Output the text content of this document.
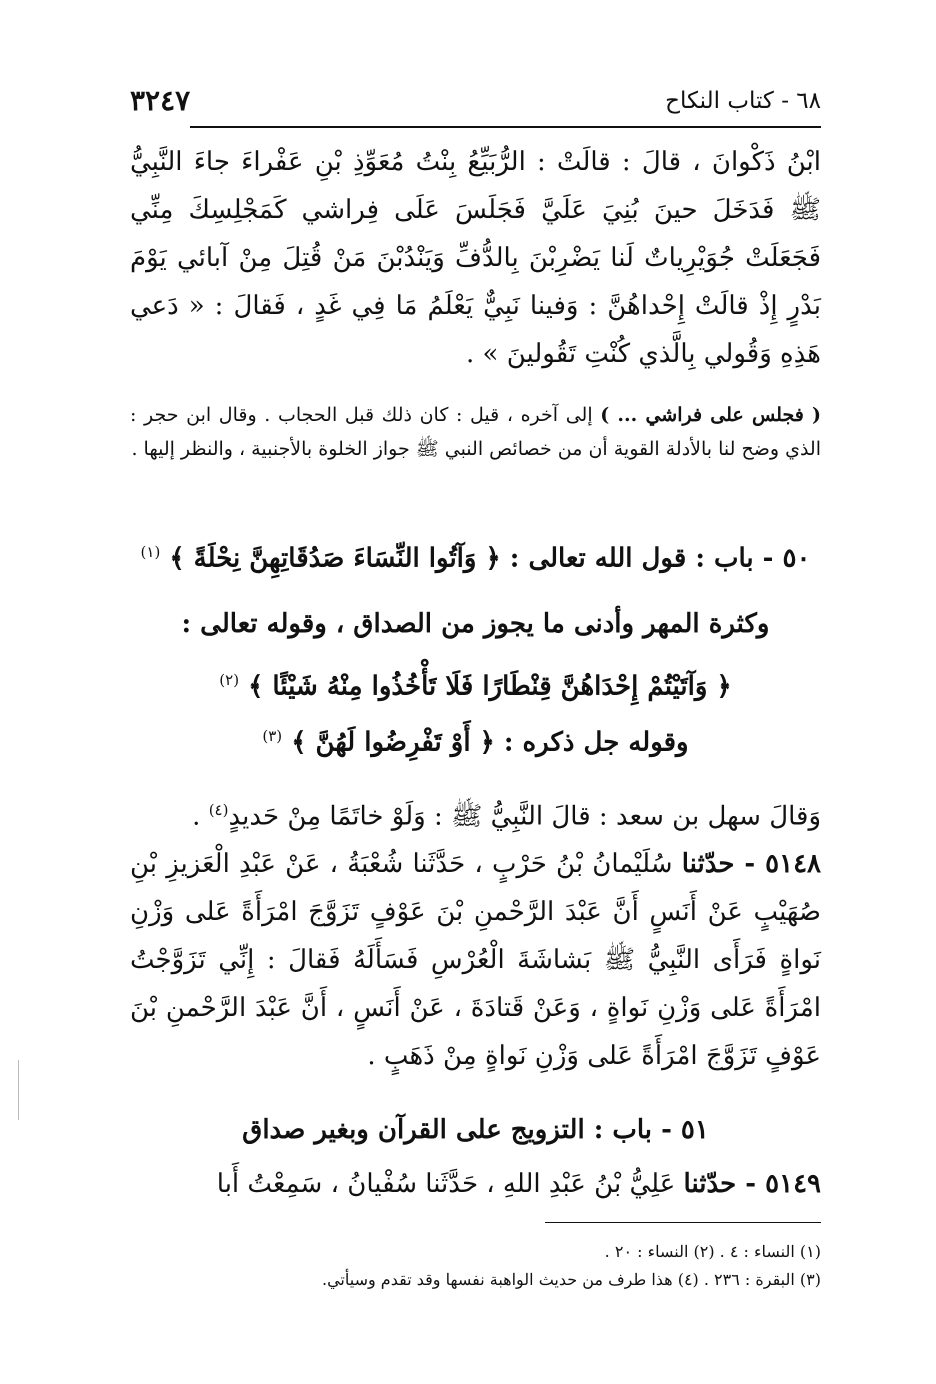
٣٢٤٧	٦٨ - كتاب النكاح
ابْنُ ذَكْوانَ ، قالَ : قالَتْ : الرُّبَيِّعُ بِنْتُ مُعَوِّذِ بْنِ عَفْراءَ جاءَ النَّبِيُّ ﷺ فَدَخَلَ حينَ بُنِيَ عَلَيَّ فَجَلَسَ عَلَى فِراشي كَمَجْلِسِكَ مِنِّي فَجَعَلَتْ جُوَيْرِياتٌ لَنا يَضْرِبْنَ بِالدُّفِّ وَيَنْدُبْنَ مَنْ قُتِلَ مِنْ آبائي يَوْمَ بَدْرٍ إِذْ قالَتْ إِحْداهُنَّ : وَفينا نَبِيٌّ يَعْلَمُ مَا فِي غَدٍ ، فَقالَ : « دَعي هَذِهِ وَقُولي بِالَّذي كُنْتِ تَقُولينَ » .
( فجلس على فراشي ... ) إلى آخره ، قيل : كان ذلك قبل الحجاب . وقال ابن حجر : الذي وضح لنا بالأدلة القوية أن من خصائص النبي ﷺ جواز الخلوة بالأجنبية ، والنظر إليها .
٥٠ - باب : قول الله تعالى : ﴿ وَآتُوا النِّسَاءَ صَدُقَاتِهِنَّ نِحْلَةً ﴾ $^{(١)}$
وكثرة المهر وأدنى ما يجوز من الصداق ، وقوله تعالى :
﴿ وَآتَيْتُمْ إِحْدَاهُنَّ قِنْطَارًا فَلَا تَأْخُذُوا مِنْهُ شَيْئًا ﴾ $^{(٢)}$
وقوله جل ذكره : ﴿ أَوْ تَفْرِضُوا لَهُنَّ ﴾ $^{(٣)}$
وَقالَ سهل بن سعد : قالَ النَّبِيُّ ﷺ : وَلَوْ خاتَمًا مِنْ حَديدٍ$^{(٤)}$ .
٥١٤٨ - حدّثنا سُلَيْمانُ بْنُ حَرْبٍ ، حَدَّثَنا شُعْبَةُ ، عَنْ عَبْدِ الْعَزيزِ بْنِ صُهَيْبٍ عَنْ أَنَسٍ أَنَّ عَبْدَ الرَّحْمنِ بْنَ عَوْفٍ تَزَوَّجَ امْرَأَةً عَلى وَزْنِ نَواةٍ فَرَأَى النَّبِيُّ ﷺ بَشاشَةَ الْعُرْسِ فَسَأَلَهُ فَقالَ : إِنِّي تَزَوَّجْتُ امْرَأَةً عَلى وَزْنِ نَواةٍ ، وَعَنْ قَتادَةَ ، عَنْ أَنَسٍ ، أَنَّ عَبْدَ الرَّحْمنِ بْنَ عَوْفٍ تَزَوَّجَ امْرَأَةً عَلى وَزْنِ نَواةٍ مِنْ ذَهَبٍ .
٥١ - باب : التزويج على القرآن وبغير صداق
٥١٤٩ - حدّثنا عَلِيُّ بْنُ عَبْدِ اللهِ ، حَدَّثَنا سُفْيانُ ، سَمِعْتُ أَبا
(١) النساء : ٤ . (٢) النساء : ٢٠ .
(٣) البقرة : ٢٣٦ . (٤) هذا طرف من حديث الواهبة نفسها وقد تقدم وسيأتي.
